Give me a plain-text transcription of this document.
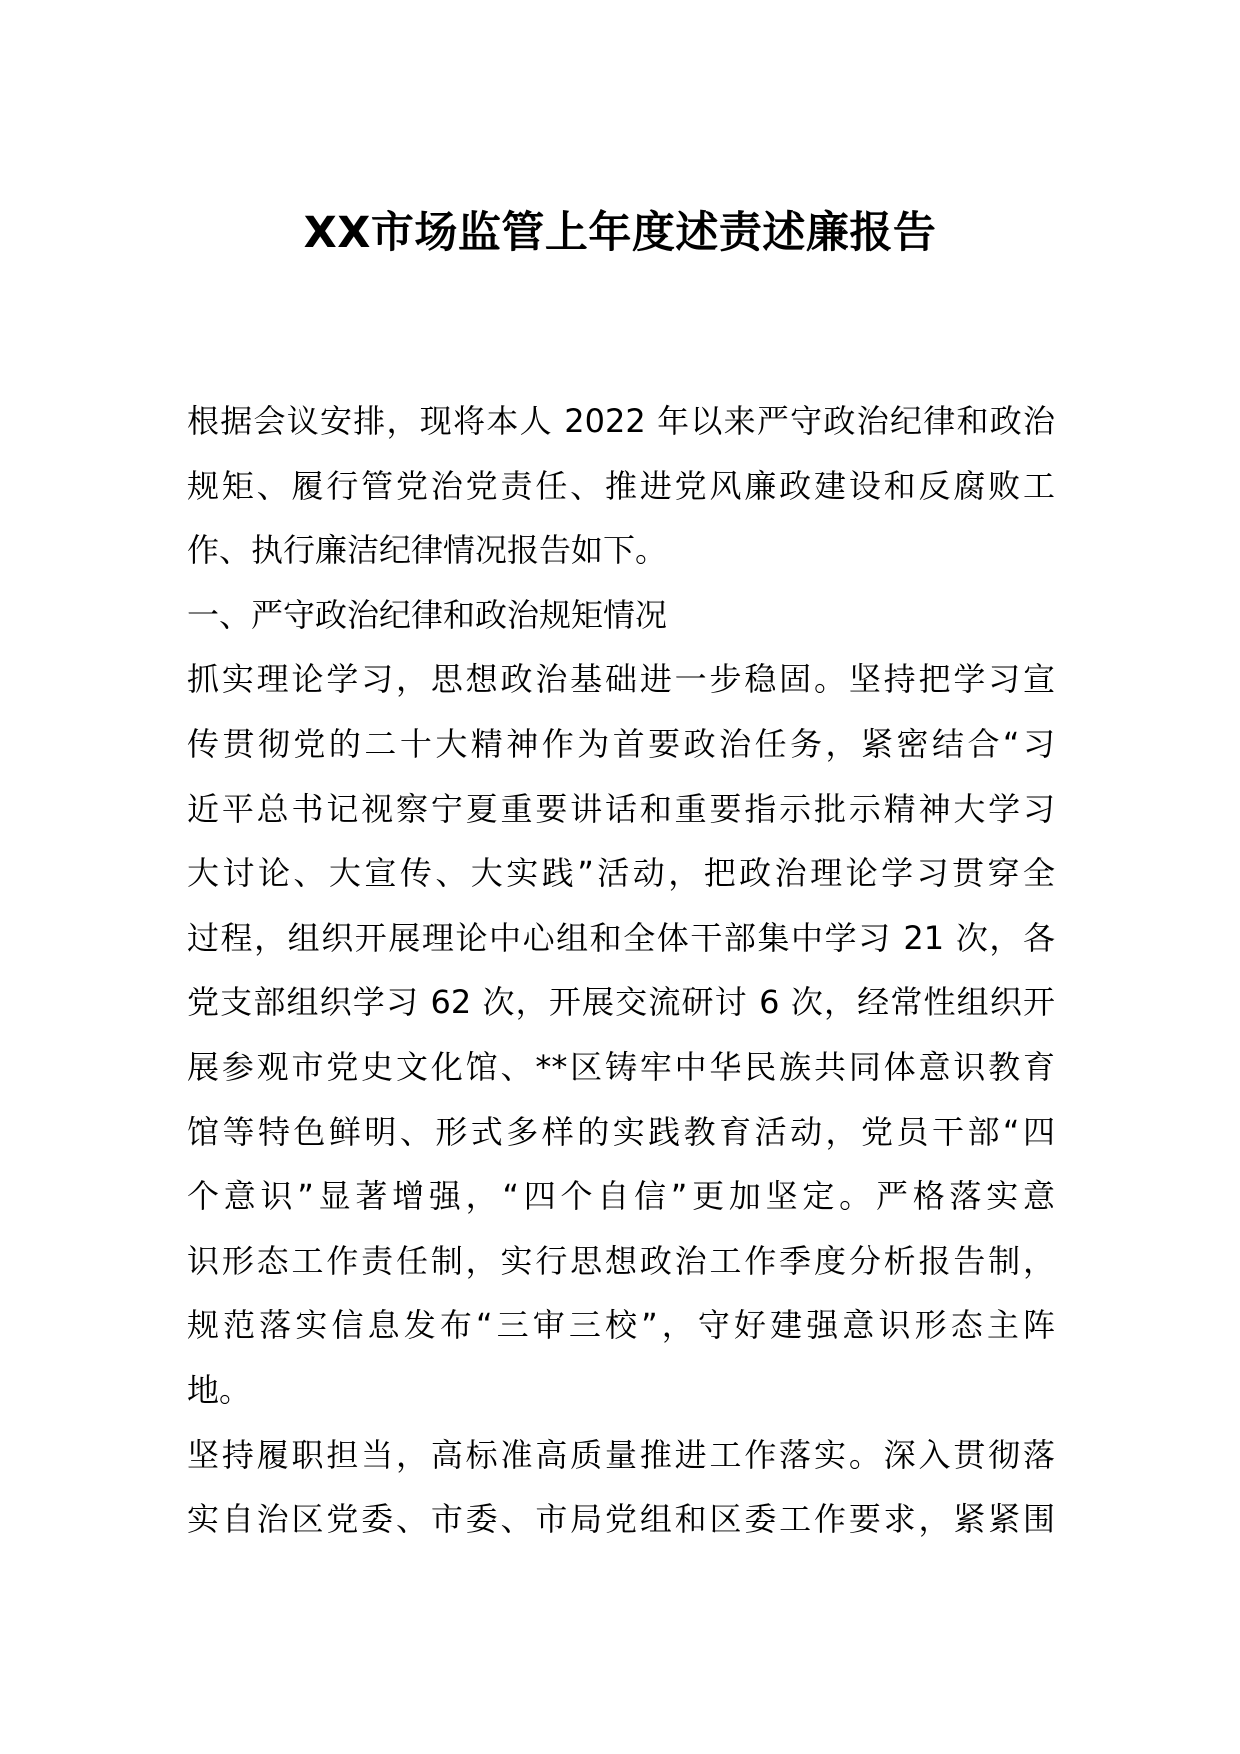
XX市场监管上年度述责述廉报告
根据会议安排，现将本人 2022 年以来严守政治纪律和政治
规矩、履行管党治党责任、推进党风廉政建设和反腐败工
作、执行廉洁纪律情况报告如下。
一、严守政治纪律和政治规矩情况
抓实理论学习，思想政治基础进一步稳固。坚持把学习宣
传贯彻党的二十大精神作为首要政治任务，紧密结合“习
近平总书记视察宁夏重要讲话和重要指示批示精神大学习
大讨论、大宣传、大实践”活动，把政治理论学习贯穿全
过程，组织开展理论中心组和全体干部集中学习 21 次，各
党支部组织学习 62 次，开展交流研讨 6 次，经常性组织开
展参观市党史文化馆、**区铸牢中华民族共同体意识教育
馆等特色鲜明、形式多样的实践教育活动，党员干部“四
个意识”显著增强，“四个自信”更加坚定。严格落实意
识形态工作责任制，实行思想政治工作季度分析报告制，
规范落实信息发布“三审三校”，守好建强意识形态主阵
地。
坚持履职担当，高标准高质量推进工作落实。深入贯彻落
实自治区党委、市委、市局党组和区委工作要求，紧紧围
